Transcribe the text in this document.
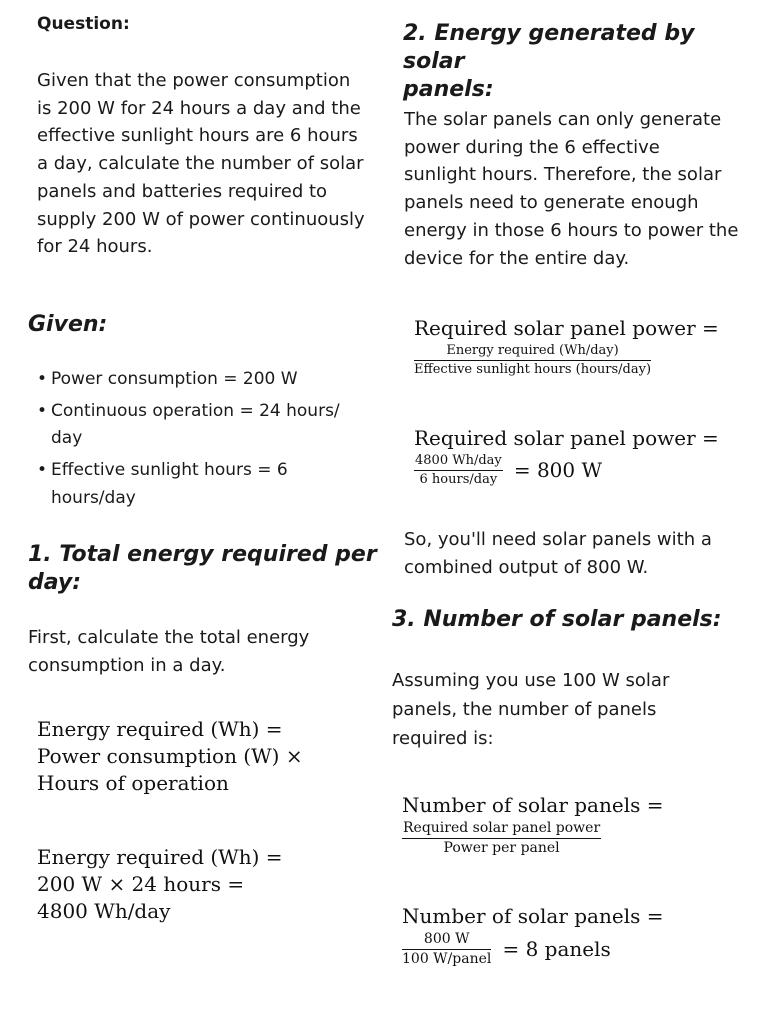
Question:
Given that the power consumption
is 200 W for 24 hours a day and the
effective sunlight hours are 6 hours
a day, calculate the number of solar
panels and batteries required to
supply 200 W of power continuously
for 24 hours.
Given:
• Power consumption = 200 W
• Continuous operation = 24 hours/
day
• Effective sunlight hours = 6
hours/day
1. Total energy required per
day:
First, calculate the total energy
consumption in a day.
Energy required (Wh) =
Power consumption (W) ×
Hours of operation
Energy required (Wh) =
200 W × 24 hours =
4800 Wh/day
2. Energy generated by solar
panels:
The solar panels can only generate
power during the 6 effective
sunlight hours. Therefore, the solar
panels need to generate enough
energy in those 6 hours to power the
device for the entire day.
Required solar panel power =
$\frac{\text{Energy required (Wh/day)}}{\text{Effective sunlight hours (hours/day)}}$
Required solar panel power =
$\frac{\text{4800 Wh/day}}{\text{6 hours/day}} = 800$ W
So, you'll need solar panels with a
combined output of 800 W.
3. Number of solar panels:
Assuming you use 100 W solar
panels, the number of panels
required is:
Number of solar panels =
$\frac{\text{Required solar panel power}}{\text{Power per panel}}$
Number of solar panels =
$\frac{800 W}{\text{100 W/panel}} = 8$ panels
